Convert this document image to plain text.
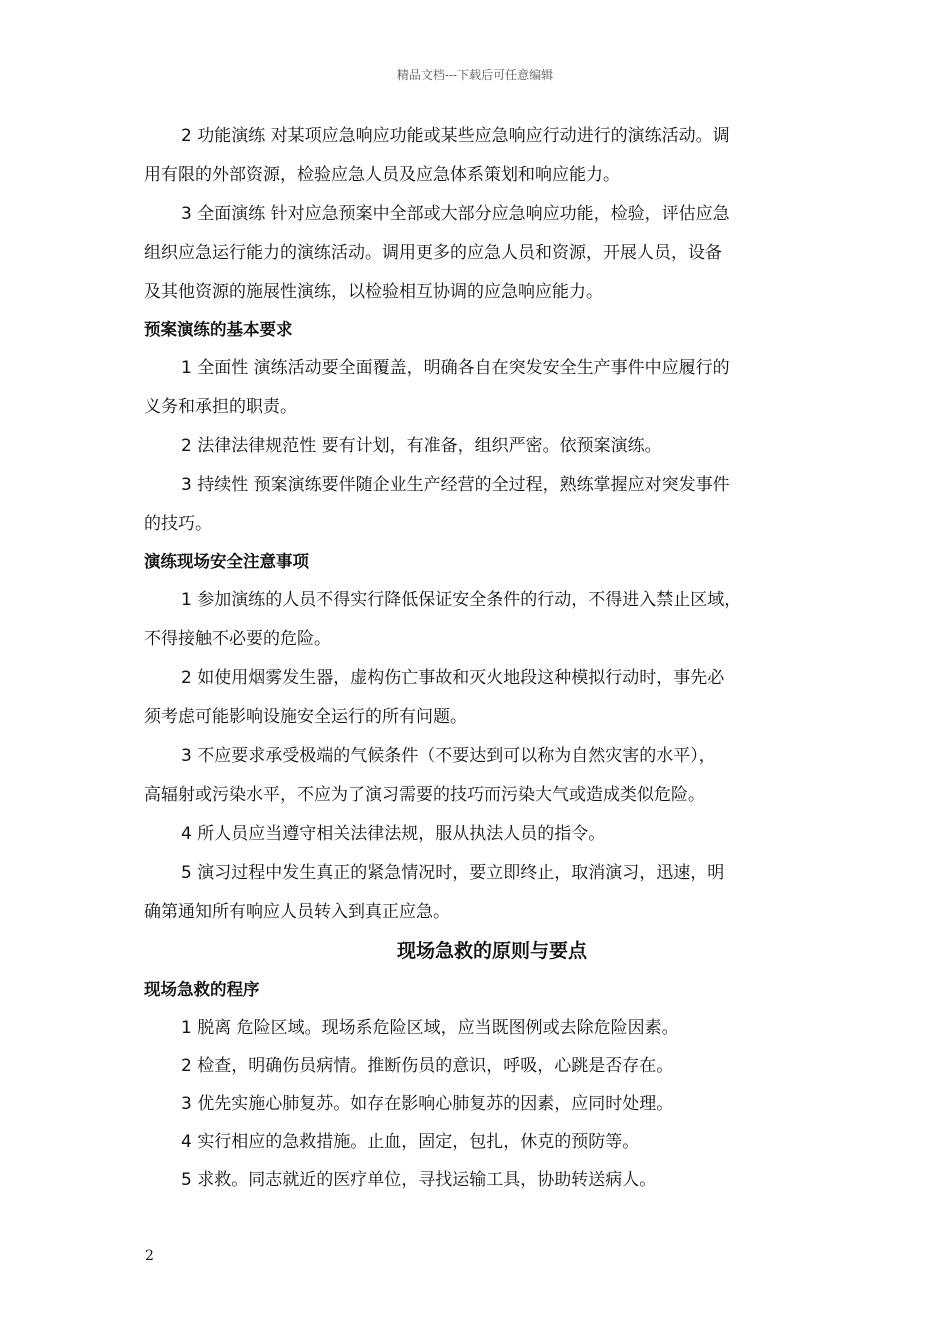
精品文档---下载后可任意编辑
2 功能演练 对某项应急响应功能或某些应急响应行动进行的演练活动。调
用有限的外部资源，检验应急人员及应急体系策划和响应能力。
3 全面演练 针对应急预案中全部或大部分应急响应功能，检验，评估应急
组织应急运行能力的演练活动。调用更多的应急人员和资源，开展人员，设备
及其他资源的施展性演练，以检验相互协调的应急响应能力。
预案演练的基本要求
1 全面性 演练活动要全面覆盖，明确各自在突发安全生产事件中应履行的
义务和承担的职责。
2 法律法律规范性 要有计划，有准备，组织严密。依预案演练。
3 持续性 预案演练要伴随企业生产经营的全过程，熟练掌握应对突发事件
的技巧。
演练现场安全注意事项
1 参加演练的人员不得实行降低保证安全条件的行动，不得进入禁止区域，
不得接触不必要的危险。
2 如使用烟雾发生器，虚构伤亡事故和灭火地段这种模拟行动时，事先必
须考虑可能影响设施安全运行的所有问题。
3 不应要求承受极端的气候条件（不要达到可以称为自然灾害的水平），
高辐射或污染水平，不应为了演习需要的技巧而污染大气或造成类似危险。
4 所人员应当遵守相关法律法规，服从执法人员的指令。
5 演习过程中发生真正的紧急情况时，要立即终止，取消演习，迅速，明
确第通知所有响应人员转入到真正应急。
现场急救的原则与要点
现场急救的程序
1 脱离 危险区域。现场系危险区域，应当既图例或去除危险因素。
2 检查，明确伤员病情。推断伤员的意识，呼吸，心跳是否存在。
3 优先实施心肺复苏。如存在影响心肺复苏的因素，应同时处理。
4 实行相应的急救措施。止血，固定，包扎，休克的预防等。
5 求救。同志就近的医疗单位，寻找运输工具，协助转送病人。
2
